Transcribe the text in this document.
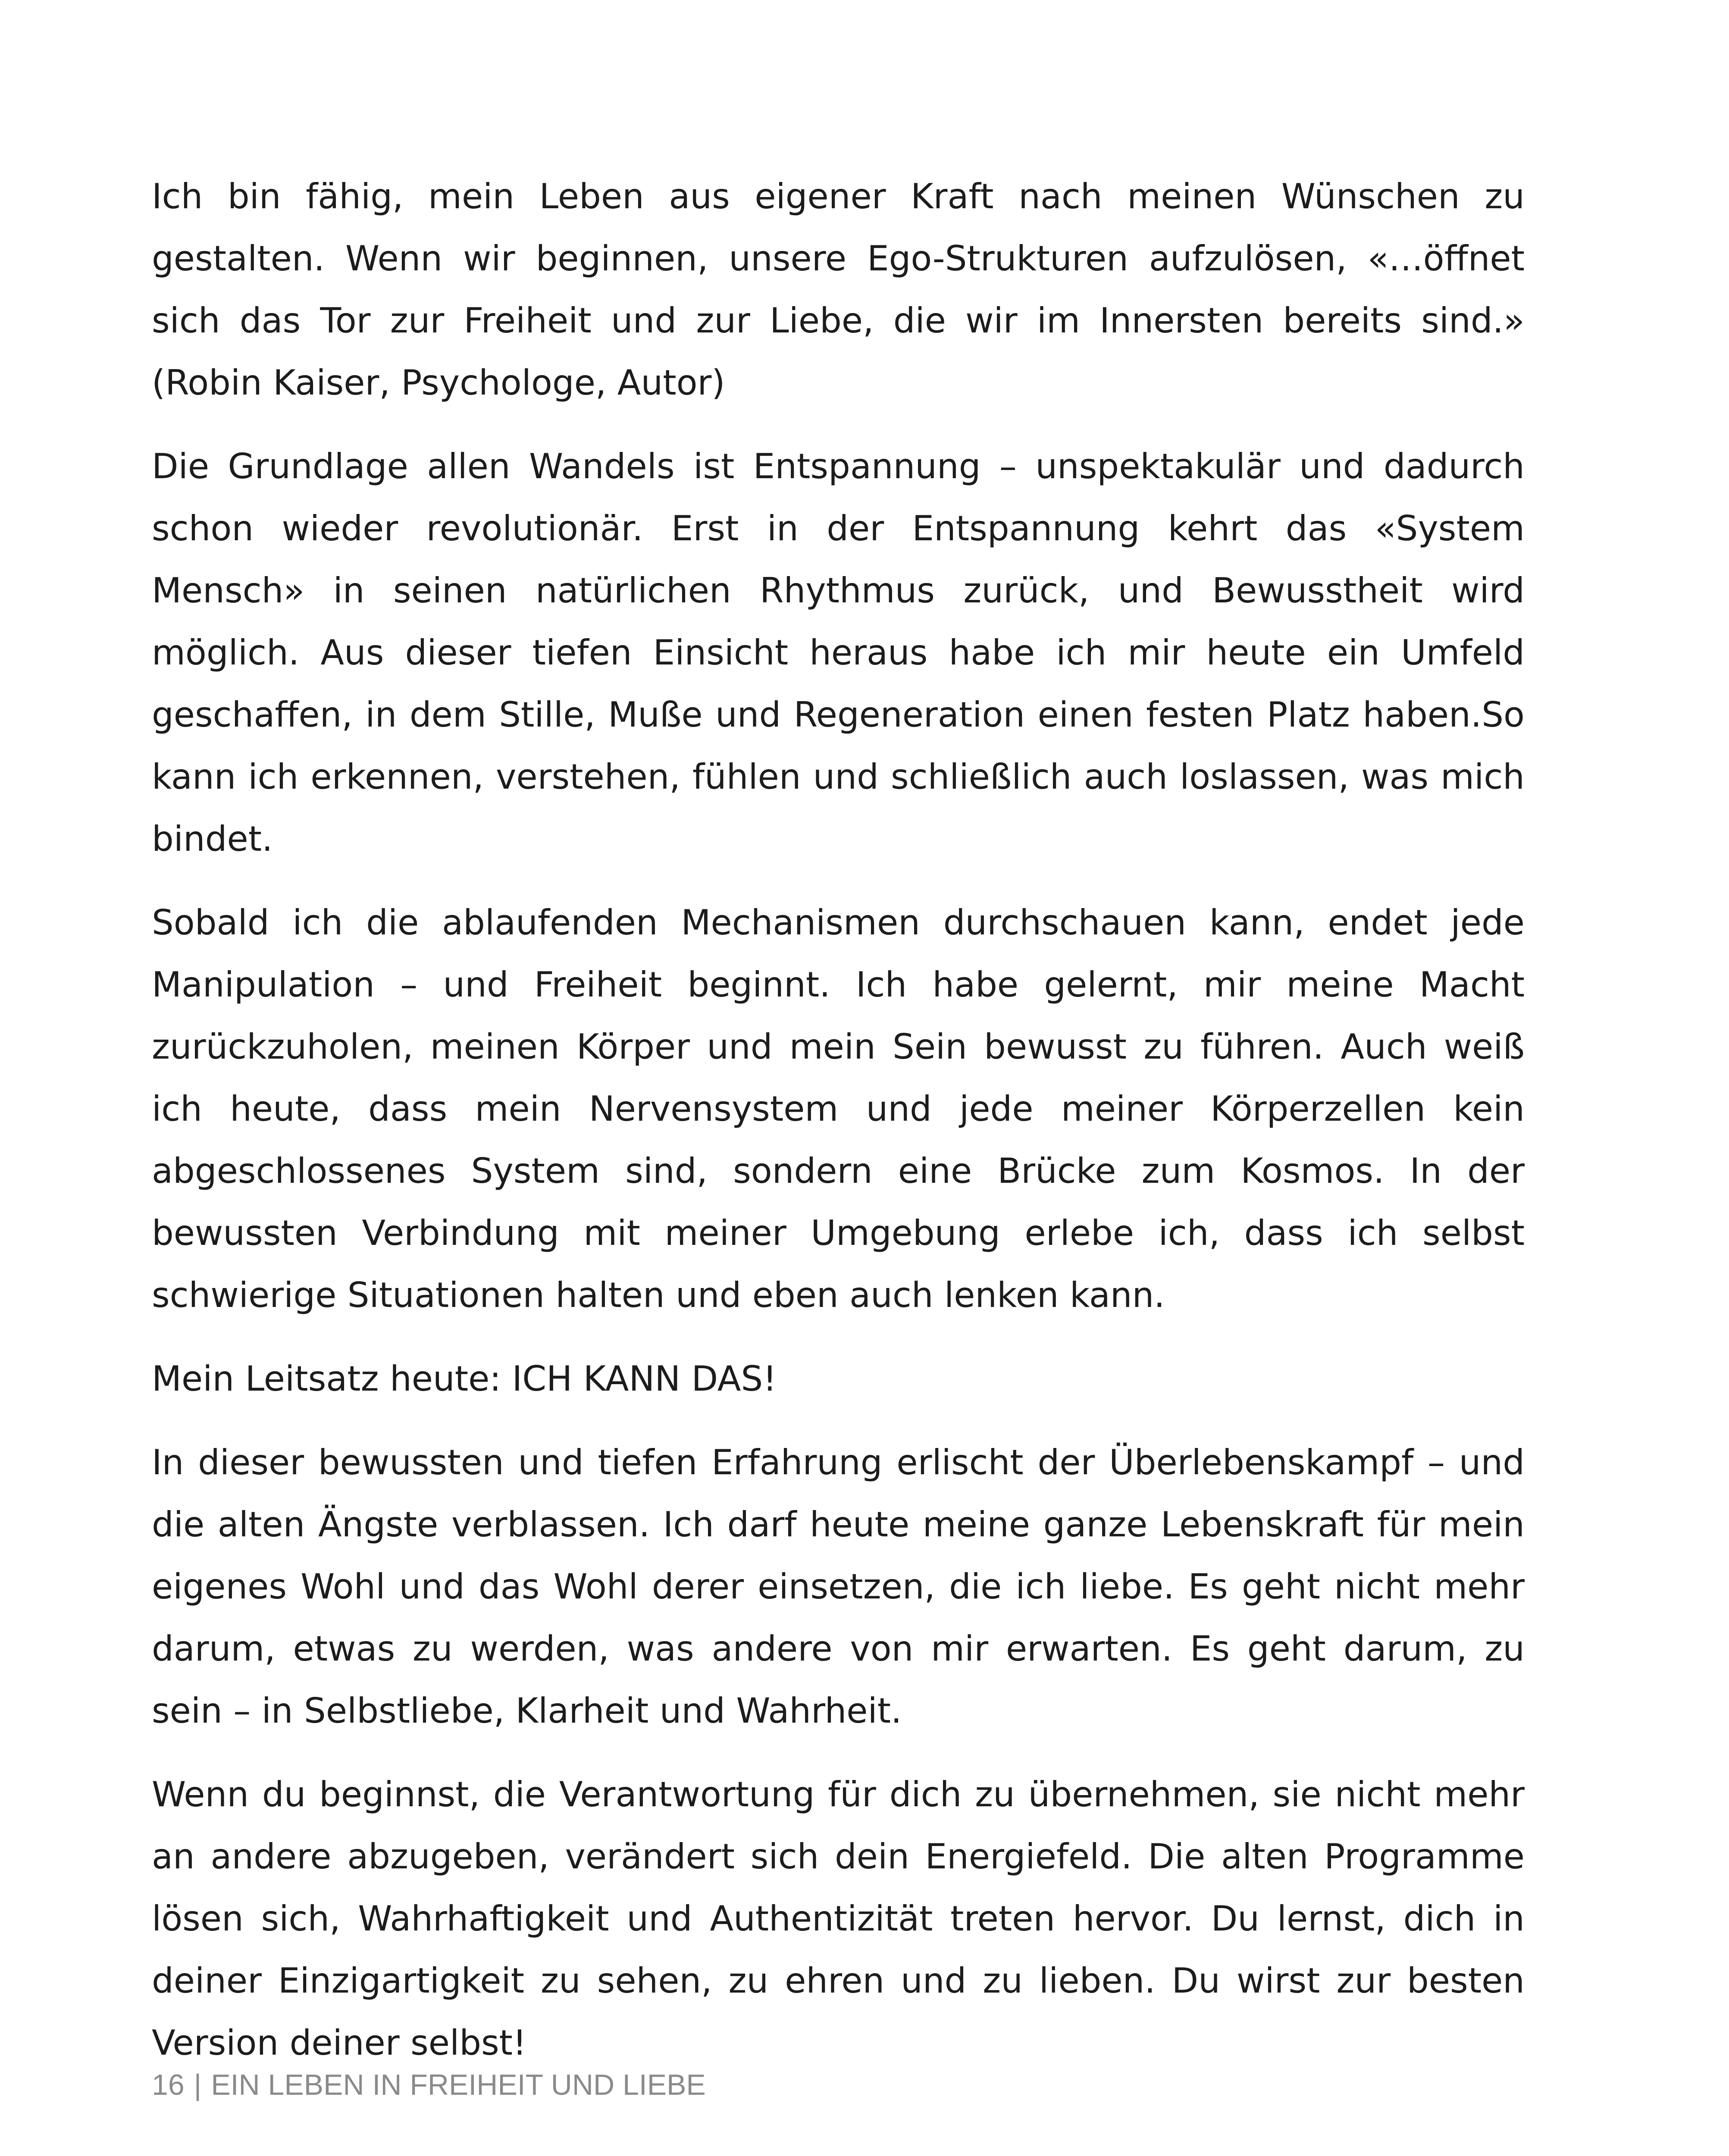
Ich bin fähig, mein Leben aus eigener Kraft nach meinen Wünschen zu gestalten. Wenn wir beginnen, unsere Ego-Strukturen aufzulösen, «…öffnet sich das Tor zur Freiheit und zur Liebe, die wir im Innersten bereits sind.» (Robin Kaiser, Psychologe, Autor)

Die Grundlage allen Wandels ist Entspannung – unspektakulär und dadurch schon wieder revolutionär. Erst in der Entspannung kehrt das «System Mensch» in seinen natürlichen Rhythmus zurück, und Bewusstheit wird möglich. Aus dieser tiefen Einsicht heraus habe ich mir heute ein Umfeld geschaffen, in dem Stille, Muße und Regeneration einen festen Platz haben.So kann ich erkennen, verstehen, fühlen und schließlich auch loslassen, was mich bindet.

Sobald ich die ablaufenden Mechanismen durchschauen kann, endet jede Manipulation – und Freiheit beginnt. Ich habe gelernt, mir meine Macht zurückzuholen, meinen Körper und mein Sein bewusst zu führen. Auch weiß ich heute, dass mein Nervensystem und jede meiner Körperzellen kein abgeschlossenes System sind, sondern eine Brücke zum Kosmos. In der bewussten Verbindung mit meiner Umgebung erlebe ich, dass ich selbst schwierige Situationen halten und eben auch lenken kann.

Mein Leitsatz heute: ICH KANN DAS!

In dieser bewussten und tiefen Erfahrung erlischt der Überlebenskampf – und die alten Ängste verblassen. Ich darf heute meine ganze Lebenskraft für mein eigenes Wohl und das Wohl derer einsetzen, die ich liebe. Es geht nicht mehr darum, etwas zu werden, was andere von mir erwarten. Es geht darum, zu sein – in Selbstliebe, Klarheit und Wahrheit.

Wenn du beginnst, die Verantwortung für dich zu übernehmen, sie nicht mehr an andere abzugeben, verändert sich dein Energiefeld. Die alten Programme lösen sich, Wahrhaftigkeit und Authentizität treten hervor. Du lernst, dich in deiner Einzigartigkeit zu sehen, zu ehren und zu lieben. Du wirst zur besten Version deiner selbst!

16 | EIN LEBEN IN FREIHEIT UND LIEBE
